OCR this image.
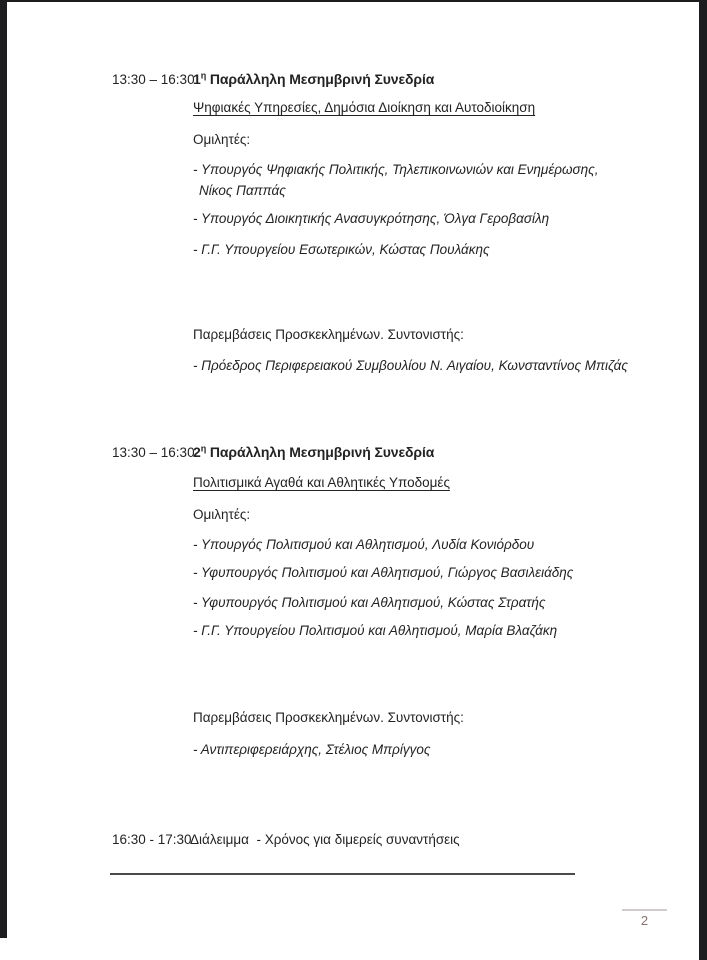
13:30 – 16:30
$1^\eta$ Παράλληλη Μεσημβρινή Συνεδρία
Ψηφιακές Υπηρεσίες, Δημόσια Διοίκηση και Αυτοδιοίκηση
Ομιλητές:
- Υπουργός Ψηφιακής Πολιτικής, Τηλεπικοινωνιών και Ενημέρωσης,
Νίκος Παππάς
- Υπουργός Διοικητικής Ανασυγκρότησης, Όλγα Γεροβασίλη
- Γ.Γ. Υπουργείου Εσωτερικών, Κώστας Πουλάκης
Παρεμβάσεις Προσκεκλημένων. Συντονιστής:
- Πρόεδρος Περιφερειακού Συμβουλίου Ν. Αιγαίου, Κωνσταντίνος Μπιζάς
13:30 – 16:30
$2^\eta$ Παράλληλη Μεσημβρινή Συνεδρία
Πολιτισμικά Αγαθά και Αθλητικές Υποδομές
Ομιλητές:
- Υπουργός Πολιτισμού και Αθλητισμού, Λυδία Κονιόρδου
- Υφυπουργός Πολιτισμού και Αθλητισμού, Γιώργος Βασιλειάδης
- Υφυπουργός Πολιτισμού και Αθλητισμού, Κώστας Στρατής
- Γ.Γ. Υπουργείου Πολιτισμού και Αθλητισμού, Μαρία Βλαζάκη
Παρεμβάσεις Προσκεκλημένων. Συντονιστής:
- Αντιπεριφερειάρχης, Στέλιος Μπρίγγος
16:30 - 17:30
Διάλειμμα  - Χρόνος για διμερείς συναντήσεις
2
